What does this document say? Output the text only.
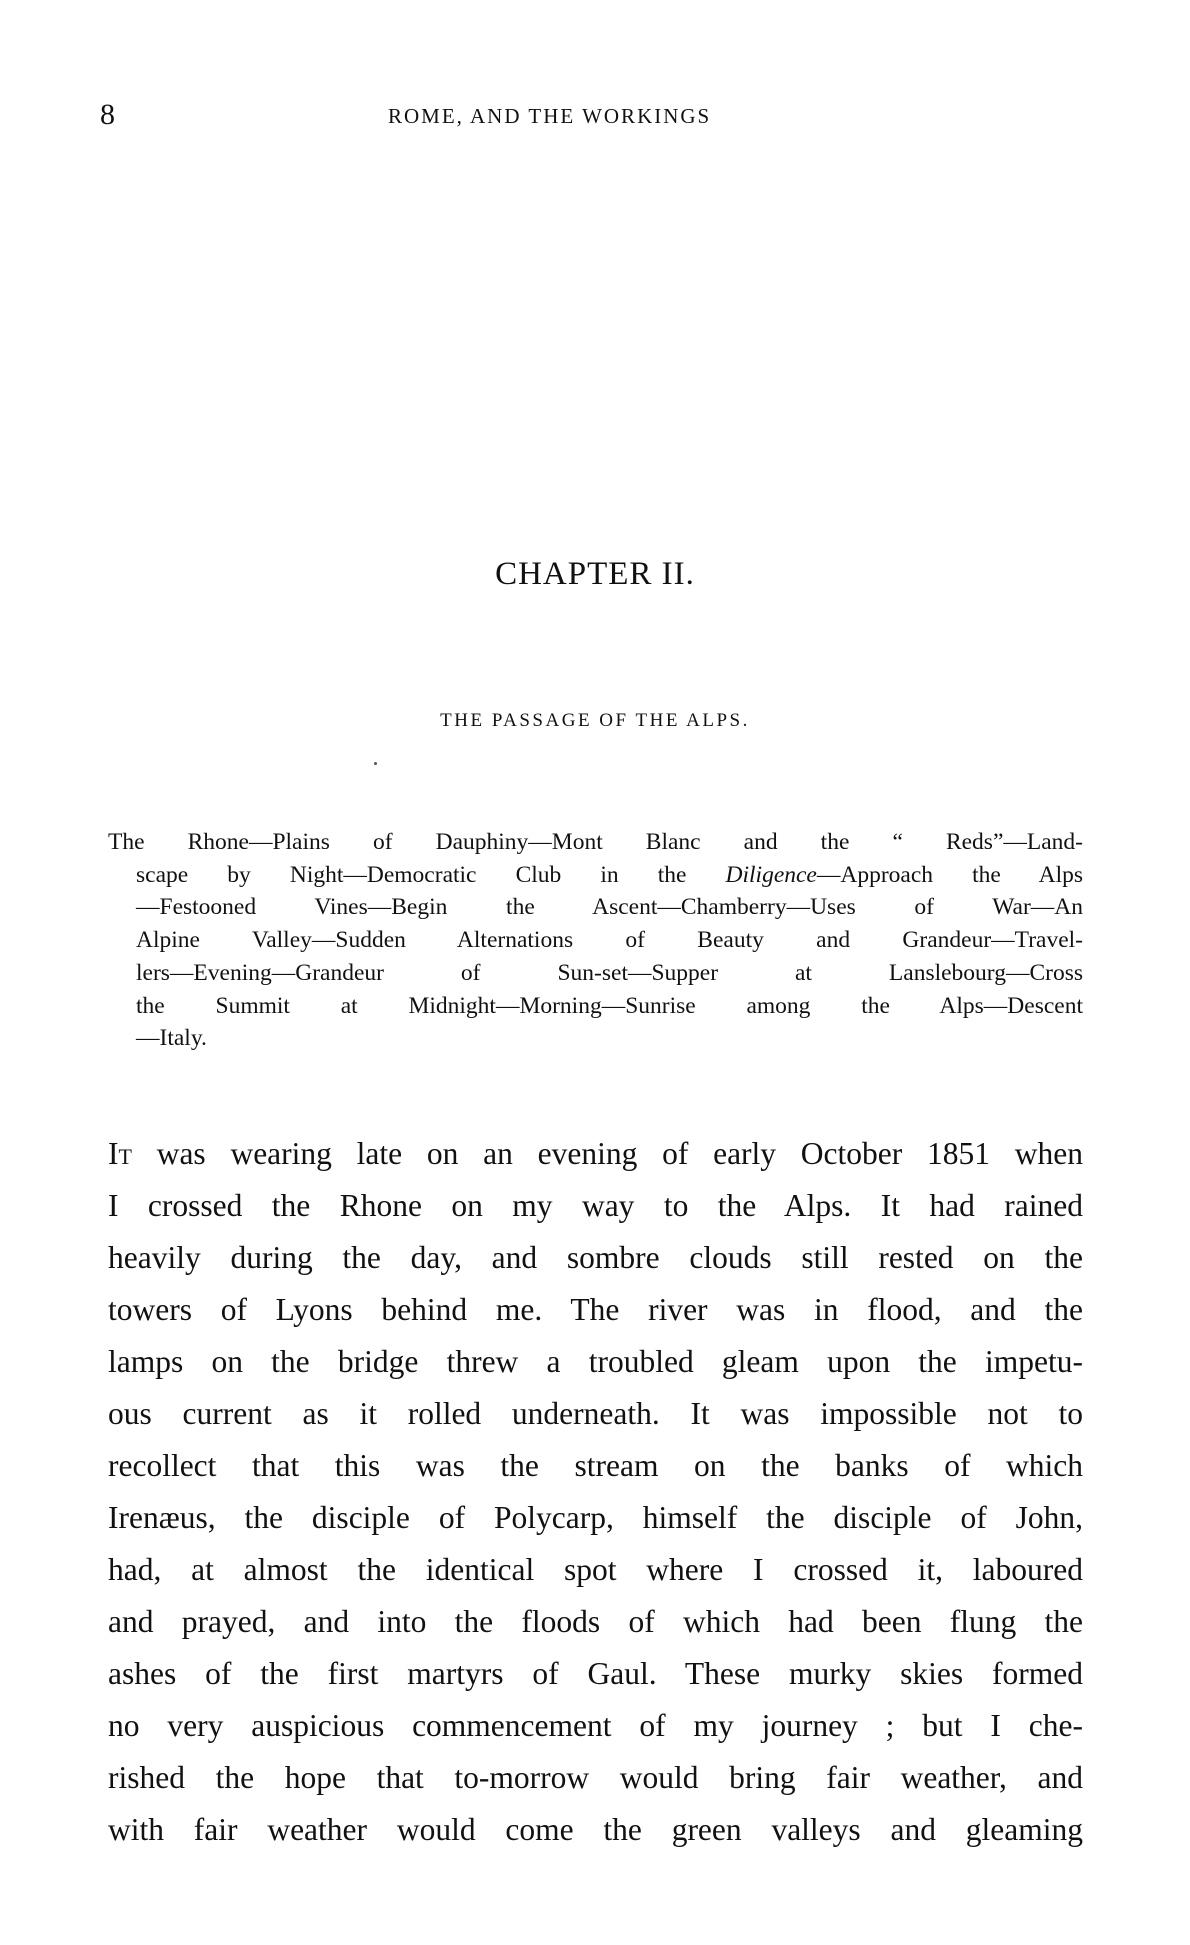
8	ROME, AND THE WORKINGS
CHAPTER II.
THE PASSAGE OF THE ALPS.

The Rhone—Plains of Dauphiny—Mont Blanc and the “ Reds”—Land-
scape by Night—Democratic Club in the Diligence—Approach the Alps
—Festooned Vines—Begin the Ascent—Chamberry—Uses of War—An
Alpine Valley—Sudden Alternations of Beauty and Grandeur—Travel-
lers—Evening—Grandeur of Sun-set—Supper at Lanslebourg—Cross
the Summit at Midnight—Morning—Sunrise among the Alps—Descent
—Italy.

It was wearing late on an evening of early October 1851 when
I crossed the Rhone on my way to the Alps. It had rained
heavily during the day, and sombre clouds still rested on the
towers of Lyons behind me. The river was in flood, and the
lamps on the bridge threw a troubled gleam upon the impetu-
ous current as it rolled underneath. It was impossible not to
recollect that this was the stream on the banks of which
Irenæus, the disciple of Polycarp, himself the disciple of John,
had, at almost the identical spot where I crossed it, laboured
and prayed, and into the floods of which had been flung the
ashes of the first martyrs of Gaul. These murky skies formed
no very auspicious commencement of my journey ; but I che-
rished the hope that to-morrow would bring fair weather, and
with fair weather would come the green valleys and gleaming
